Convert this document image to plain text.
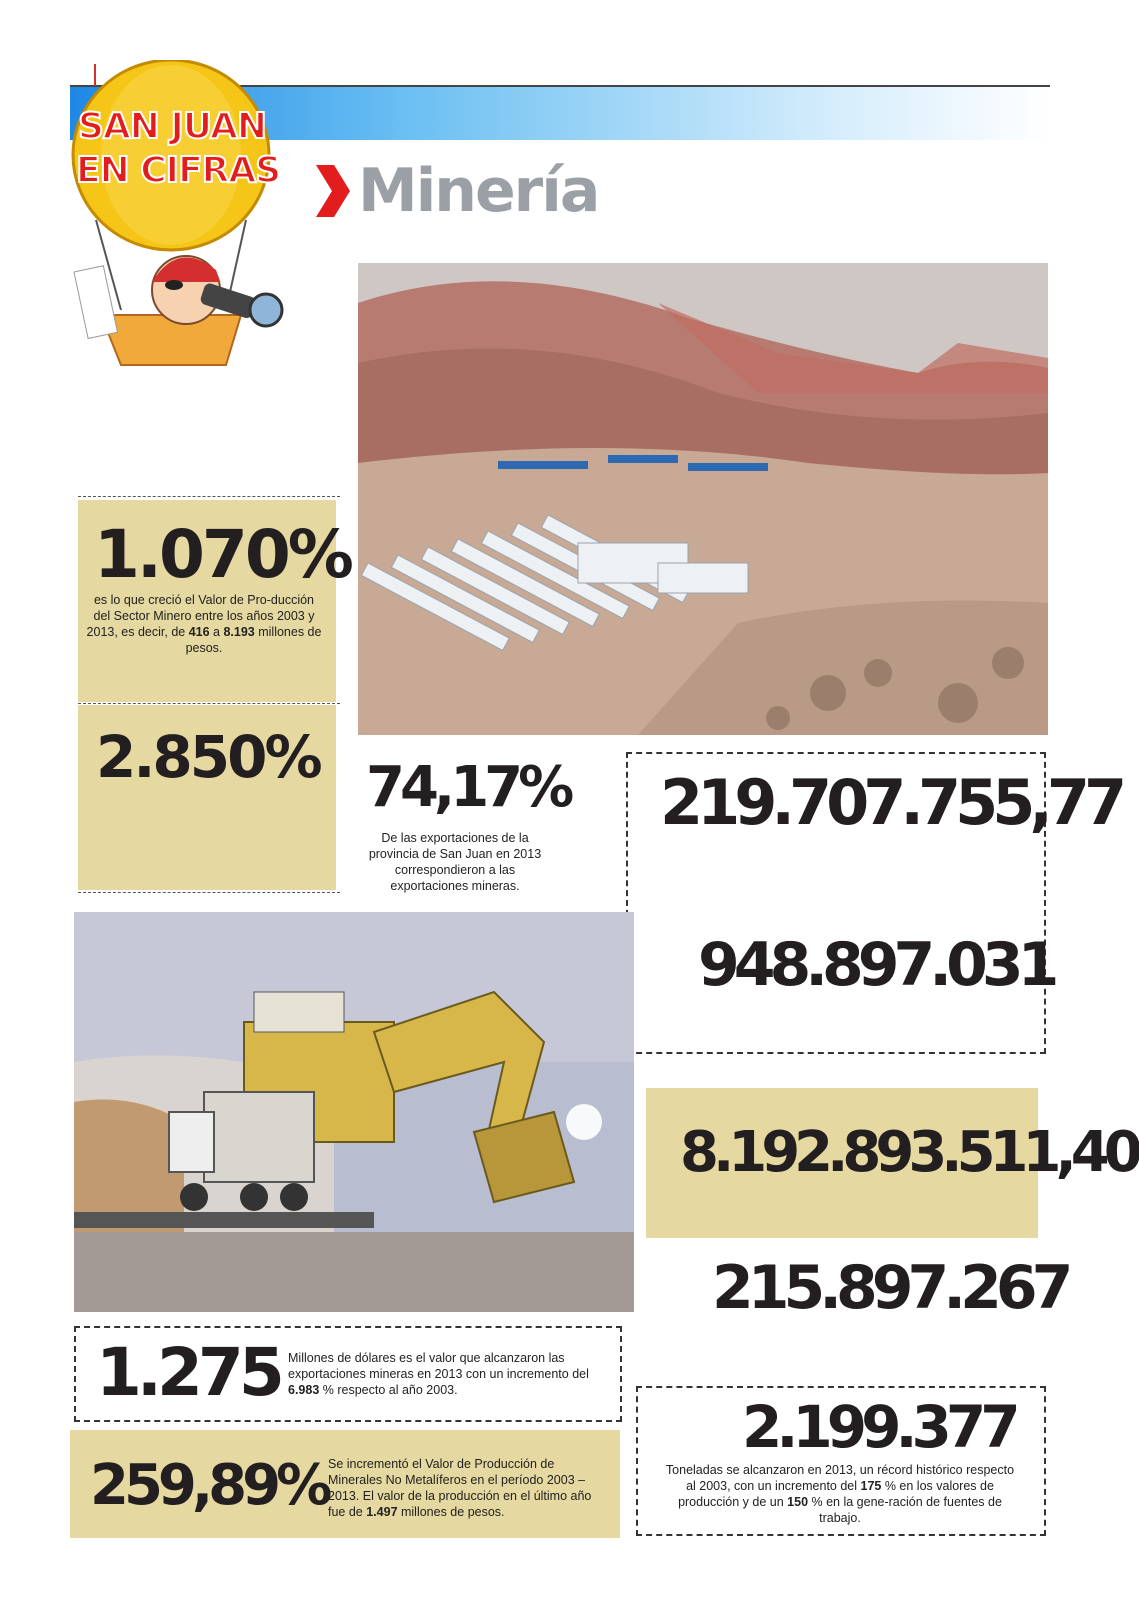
SAN JUAN
EN CIFRAS Minería
1.070%
es lo que creció el Valor de Pro-ducción del Sector Minero entre los años 2003 y 2013, es decir, de 416 a 8.193 millones de pesos.
2.850% 74,17%
De las exportaciones de la provincia de San Juan en 2013 correspondieron a las exportaciones mineras.
219.707.755,77
948.897.031
8.192.893.511,40
215.897.267
1.275 Millones de dólares es el valor que alcanzaron las exportaciones mineras en 2013 con un incremento del 6.983 % respecto al año 2003.
259,89% Se incrementó el Valor de Producción de Minerales No Metalíferos en el período 2003 – 2013. El valor de la producción en el último año fue de 1.497 millones de pesos.
2.199.377
Toneladas se alcanzaron en 2013, un récord histórico respecto al 2003, con un incremento del 175 % en los valores de producción y de un 150 % en la gene-ración de fuentes de trabajo.
